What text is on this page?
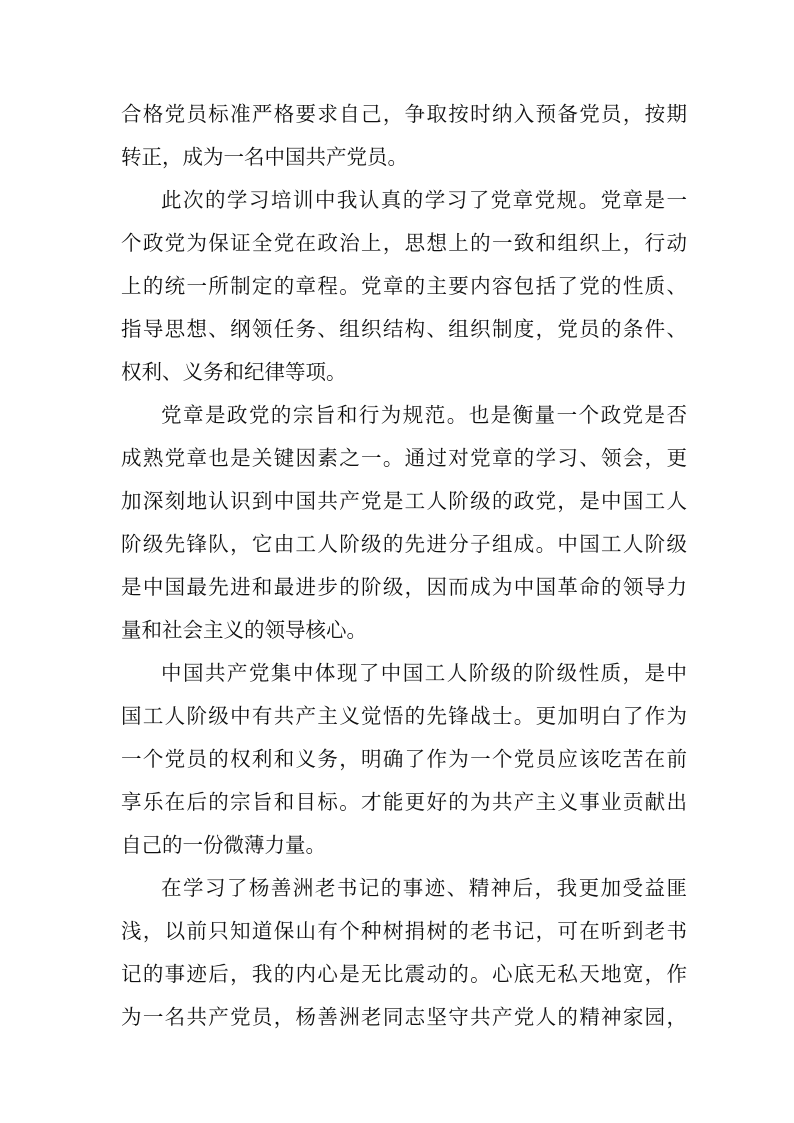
合格党员标准严格要求自己，争取按时纳入预备党员，按期

转正，成为一名中国共产党员。

此次的学习培训中我认真的学习了党章党规。党章是一

个政党为保证全党在政治上，思想上的一致和组织上，行动

上的统一所制定的章程。党章的主要内容包括了党的性质、

指导思想、纲领任务、组织结构、组织制度，党员的条件、

权利、义务和纪律等项。

党章是政党的宗旨和行为规范。也是衡量一个政党是否

成熟党章也是关键因素之一。通过对党章的学习、领会，更

加深刻地认识到中国共产党是工人阶级的政党，是中国工人

阶级先锋队，它由工人阶级的先进分子组成。中国工人阶级

是中国最先进和最进步的阶级，因而成为中国革命的领导力

量和社会主义的领导核心。

中国共产党集中体现了中国工人阶级的阶级性质，是中

国工人阶级中有共产主义觉悟的先锋战士。更加明白了作为

一个党员的权利和义务，明确了作为一个党员应该吃苦在前

享乐在后的宗旨和目标。才能更好的为共产主义事业贡献出

自己的一份微薄力量。

在学习了杨善洲老书记的事迹、精神后，我更加受益匪

浅，以前只知道保山有个种树捐树的老书记，可在听到老书

记的事迹后，我的内心是无比震动的。心底无私天地宽，作

为一名共产党员，杨善洲老同志坚守共产党人的精神家园，
